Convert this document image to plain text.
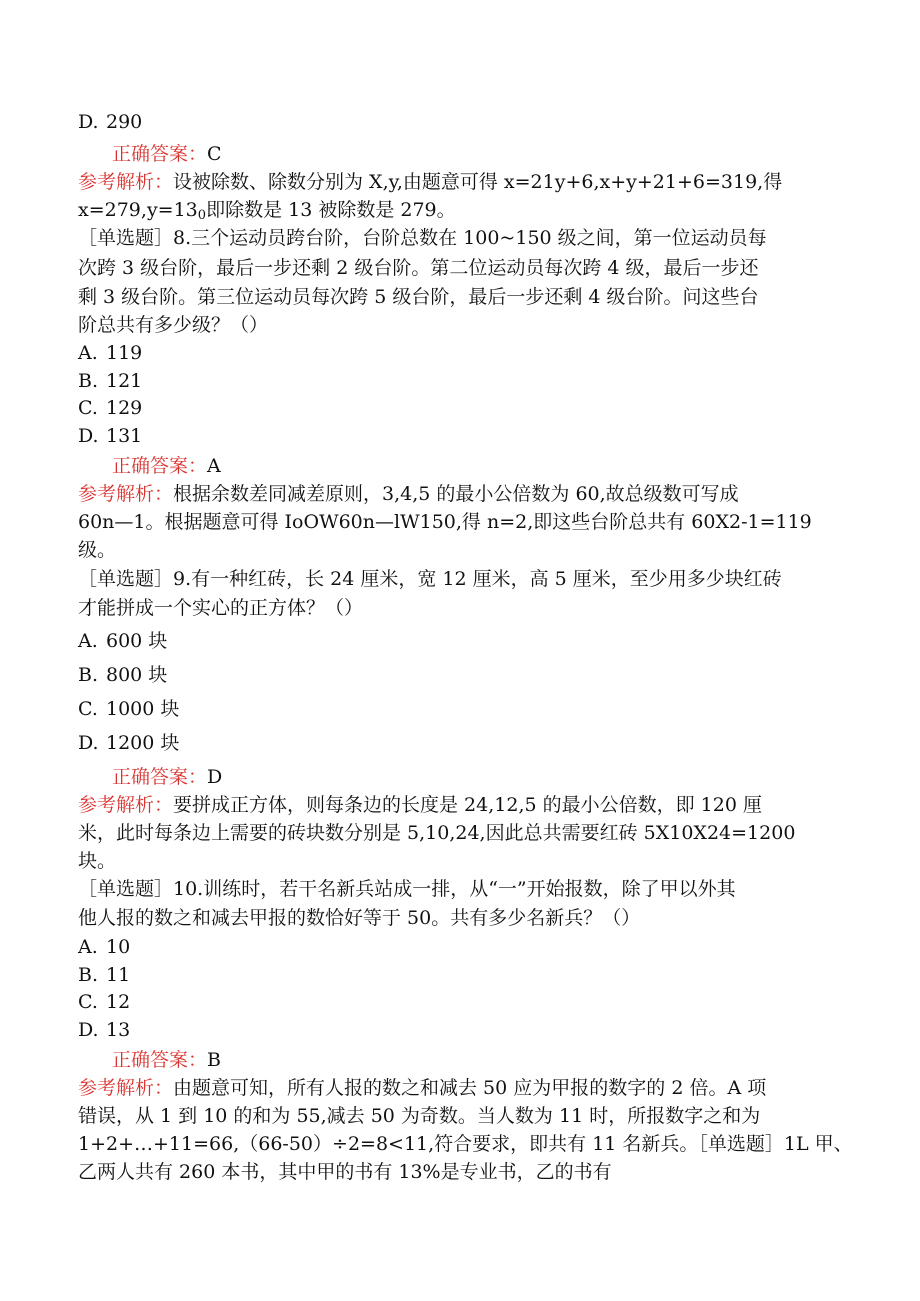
D. 290
正确答案：C
参考解析：设被除数、除数分别为 X,y,由题意可得 x=21y+6,x+y+21+6=319,得
$x=279,y=13_0$即除数是 13 被除数是 279。
［单选题］8.三个运动员跨台阶，台阶总数在 100~150 级之间，第一位运动员每
次跨 3 级台阶，最后一步还剩 2 级台阶。第二位运动员每次跨 4 级，最后一步还
剩 3 级台阶。第三位运动员每次跨 5 级台阶，最后一步还剩 4 级台阶。问这些台
阶总共有多少级？（）
A. 119
B. 121
C. 129
D. 131
正确答案：A
参考解析：根据余数差同减差原则，3,4,5 的最小公倍数为 60,故总级数可写成
60n—1。根据题意可得 IoOW60n—lW150,得 n=2,即这些台阶总共有 60X2-1=119
级。
［单选题］9.有一种红砖，长 24 厘米，宽 12 厘米，高 5 厘米，至少用多少块红砖
才能拼成一个实心的正方体？（）
A. 600 块
B. 800 块
C. 1000 块
D. 1200 块
正确答案：D
参考解析：要拼成正方体，则每条边的长度是 24,12,5 的最小公倍数，即 120 厘
米，此时每条边上需要的砖块数分别是 5,10,24,因此总共需要红砖 5X10X24=1200
块。
［单选题］10.训练时，若干名新兵站成一排，从“一”开始报数，除了甲以外其
他人报的数之和减去甲报的数恰好等于 50。共有多少名新兵？（）
A. 10
B. 11
C. 12
D. 13
正确答案：B
参考解析：由题意可知，所有人报的数之和减去 50 应为甲报的数字的 2 倍。A 项
错误，从 1 到 10 的和为 55,减去 50 为奇数。当人数为 11 时，所报数字之和为
1+2+…+11=66,（66-50）÷2=8<11,符合要求，即共有 11 名新兵。［单选题］1L 甲、
乙两人共有 260 本书，其中甲的书有 13%是专业书，乙的书有
